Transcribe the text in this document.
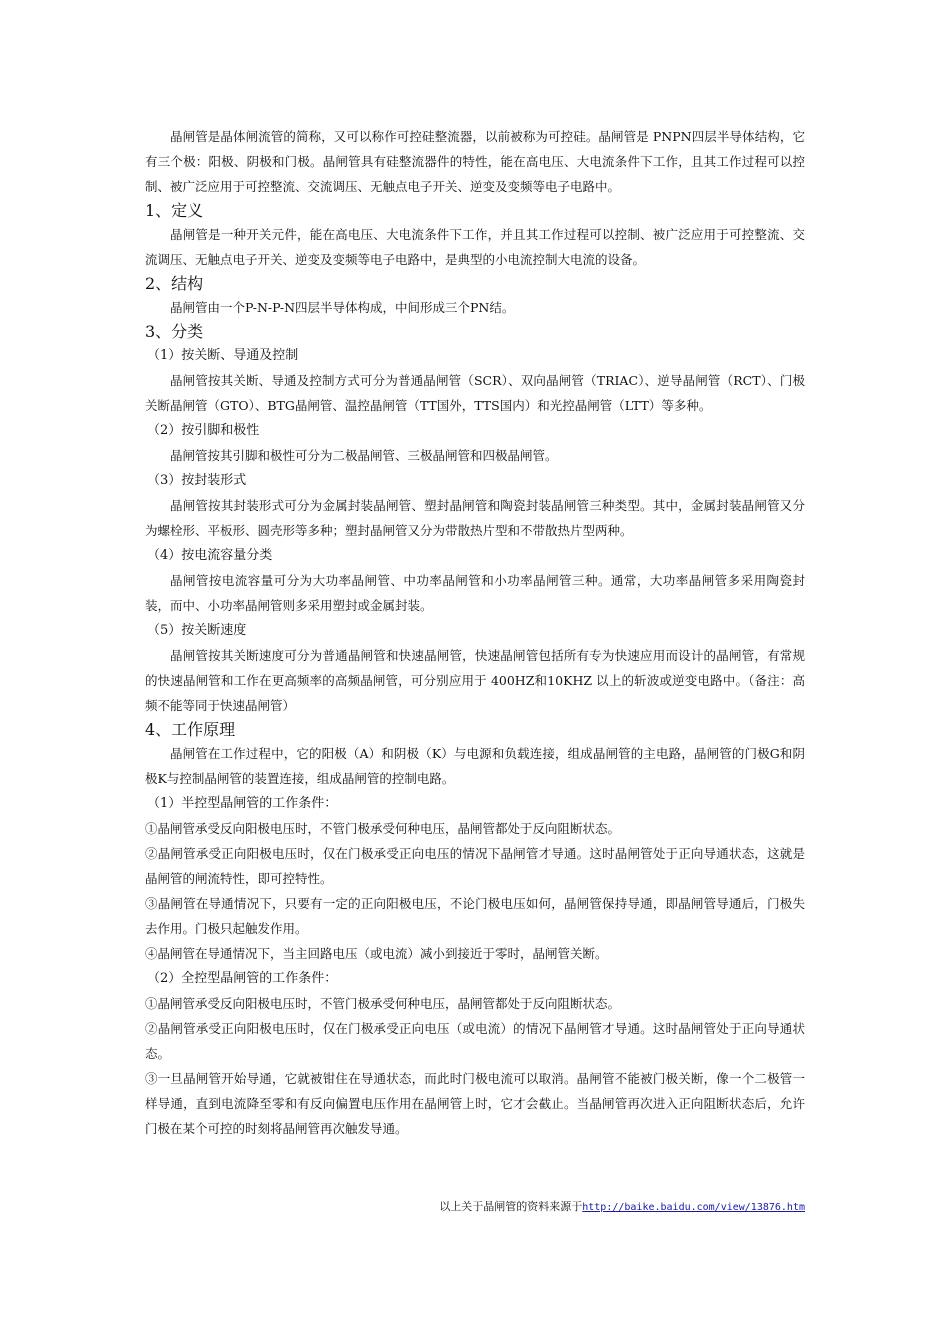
晶闸管是晶体闸流管的简称，又可以称作可控硅整流器，以前被称为可控硅。晶闸管是 PNPN四层半导体结构，它有三个极：阳极、阴极和门极。晶闸管具有硅整流器件的特性，能在高电压、大电流条件下工作，且其工作过程可以控制、被广泛应用于可控整流、交流调压、无触点电子开关、逆变及变频等电子电路中。

1、定义

晶闸管是一种开关元件，能在高电压、大电流条件下工作，并且其工作过程可以控制、被广泛应用于可控整流、交流调压、无触点电子开关、逆变及变频等电子电路中，是典型的小电流控制大电流的设备。

2、结构

晶闸管由一个P-N-P-N四层半导体构成，中间形成三个PN结。

3、分类

（1）按关断、导通及控制

晶闸管按其关断、导通及控制方式可分为普通晶闸管（SCR）、双向晶闸管（TRIAC）、逆导晶闸管（RCT）、门极关断晶闸管（GTO）、BTG晶闸管、温控晶闸管（TT国外，TTS国内）和光控晶闸管（LTT）等多种。

（2）按引脚和极性

晶闸管按其引脚和极性可分为二极晶闸管、三极晶闸管和四极晶闸管。

（3）按封装形式

晶闸管按其封装形式可分为金属封装晶闸管、塑封晶闸管和陶瓷封装晶闸管三种类型。其中，金属封装晶闸管又分为螺栓形、平板形、圆壳形等多种；塑封晶闸管又分为带散热片型和不带散热片型两种。

（4）按电流容量分类

晶闸管按电流容量可分为大功率晶闸管、中功率晶闸管和小功率晶闸管三种。通常，大功率晶闸管多采用陶瓷封装，而中、小功率晶闸管则多采用塑封或金属封装。

（5）按关断速度

晶闸管按其关断速度可分为普通晶闸管和快速晶闸管，快速晶闸管包括所有专为快速应用而设计的晶闸管，有常规的快速晶闸管和工作在更高频率的高频晶闸管，可分别应用于 400HZ和10KHZ 以上的斩波或逆变电路中。（备注：高频不能等同于快速晶闸管）

4、工作原理

晶闸管在工作过程中，它的阳极（A）和阴极（K）与电源和负载连接，组成晶闸管的主电路，晶闸管的门极G和阴极K与控制晶闸管的装置连接，组成晶闸管的控制电路。

（1）半控型晶闸管的工作条件：

①晶闸管承受反向阳极电压时，不管门极承受何种电压，晶闸管都处于反向阻断状态。

②晶闸管承受正向阳极电压时，仅在门极承受正向电压的情况下晶闸管才导通。这时晶闸管处于正向导通状态，这就是晶闸管的闸流特性，即可控特性。

③晶闸管在导通情况下，只要有一定的正向阳极电压，不论门极电压如何，晶闸管保持导通，即晶闸管导通后，门极失去作用。门极只起触发作用。

④晶闸管在导通情况下，当主回路电压（或电流）减小到接近于零时，晶闸管关断。

（2）全控型晶闸管的工作条件：

①晶闸管承受反向阳极电压时，不管门极承受何种电压，晶闸管都处于反向阻断状态。

②晶闸管承受正向阳极电压时，仅在门极承受正向电压（或电流）的情况下晶闸管才导通。这时晶闸管处于正向导通状态。

③一旦晶闸管开始导通，它就被钳住在导通状态，而此时门极电流可以取消。晶闸管不能被门极关断，像一个二极管一样导通，直到电流降至零和有反向偏置电压作用在晶闸管上时，它才会截止。当晶闸管再次进入正向阻断状态后，允许门极在某个可控的时刻将晶闸管再次触发导通。

以上关于晶闸管的资料来源于http://baike.baidu.com/view/13876.htm
